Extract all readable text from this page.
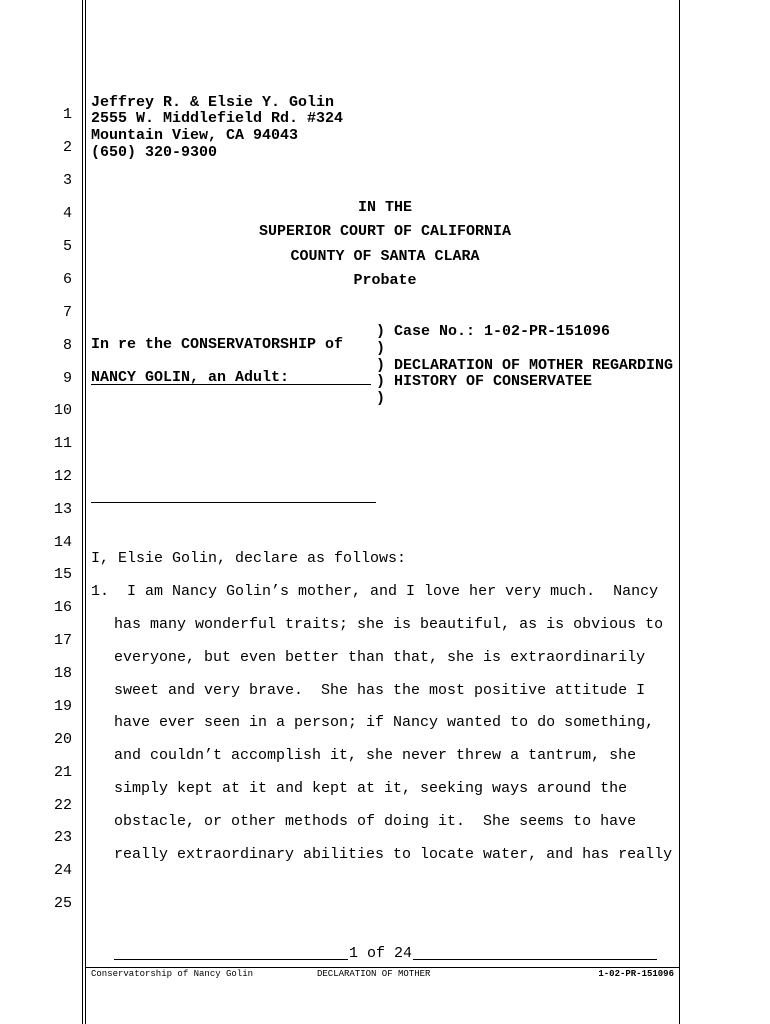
1
2
3
4
5
6
7
8
9
10
11
12
13
14
15
16
17
18
19
20
21
22
23
24
25
Jeffrey R. & Elsie Y. Golin
2555 W. Middlefield Rd. #324
Mountain View, CA 94043
(650) 320-9300
IN THE
SUPERIOR COURT OF CALIFORNIA
COUNTY OF SANTA CLARA
Probate
In re the CONSERVATORSHIP of
NANCY GOLIN, an Adult:
)
)
)
)
)
Case No.: 1-02-PR-151096
DECLARATION OF MOTHER REGARDING
HISTORY OF CONSERVATEE
I, Elsie Golin, declare as follows:
1.  I am Nancy Golin’s mother, and I love her very much.  Nancy
has many wonderful traits; she is beautiful, as is obvious to
everyone, but even better than that, she is extraordinarily
sweet and very brave.  She has the most positive attitude I
have ever seen in a person; if Nancy wanted to do something,
and couldn’t accomplish it, she never threw a tantrum, she
simply kept at it and kept at it, seeking ways around the
obstacle, or other methods of doing it.  She seems to have
really extraordinary abilities to locate water, and has really
1 of 24
Conservatorship of Nancy Golin	DECLARATION OF MOTHER	1-02-PR-151096
